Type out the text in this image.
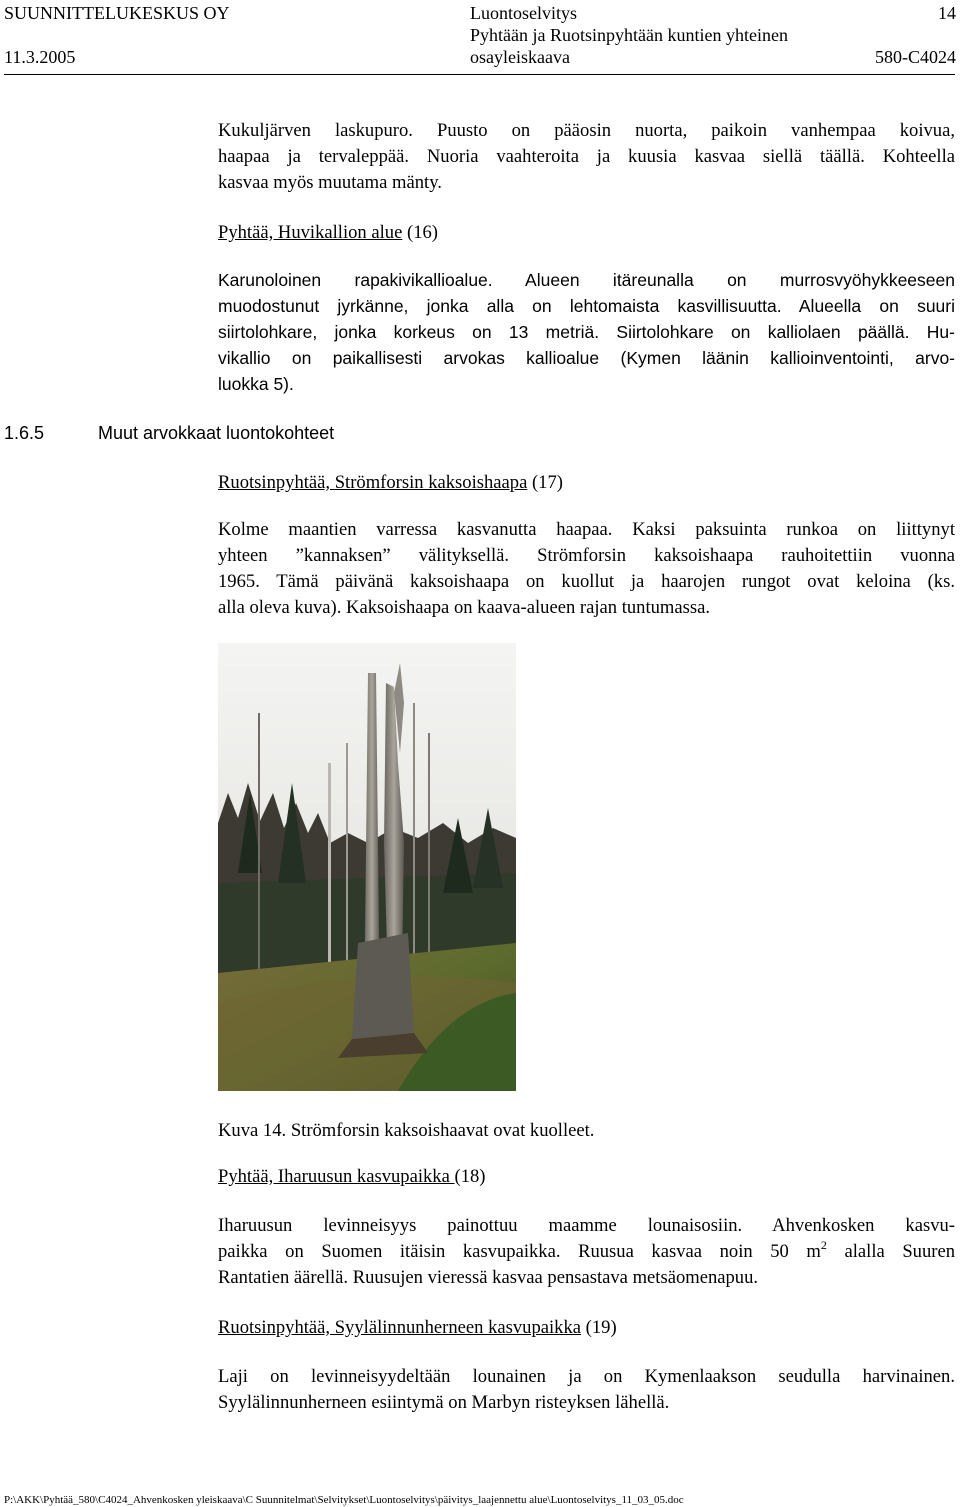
SUUNNITTELUKESKUS OY
11.3.2005
Luontoselvitys
Pyhtään ja Ruotsinpyhtään kuntien yhteinen
osayleiskaava
14
580-C4024
Kukuljärven laskupuro. Puusto on pääosin nuorta, paikoin vanhempaa koivua,
haapaa ja tervaleppää. Nuoria vaahteroita ja kuusia kasvaa siellä täällä. Kohteella
kasvaa myös muutama mänty.
Pyhtää, Huvikallion alue (16)
Karunoloinen rapakivikallioalue. Alueen itäreunalla on murrosvyöhykkeeseen
muodostunut jyrkänne, jonka alla on lehtomaista kasvillisuutta. Alueella on suuri
siirtolohkare, jonka korkeus on 13 metriä. Siirtolohkare on kalliolaen päällä. Hu-
vikallio on paikallisesti arvokas kallioalue (Kymen läänin kallioinventointi, arvo-
luokka 5).
1.6.5	Muut arvokkaat luontokohteet
Ruotsinpyhtää, Strömforsin kaksoishaapa (17)
Kolme maantien varressa kasvanutta haapaa. Kaksi paksuinta runkoa on liittynyt
yhteen ”kannaksen” välityksellä. Strömforsin kaksoishaapa rauhoitettiin vuonna
1965. Tämä päivänä kaksoishaapa on kuollut ja haarojen rungot ovat keloina (ks.
alla oleva kuva). Kaksoishaapa on kaava-alueen rajan tuntumassa.
Kuva 14. Strömforsin kaksoishaavat ovat kuolleet.
Pyhtää, Iharuusun kasvupaikka (18)
Iharuusun levinneisyys painottuu maamme lounaisosiin. Ahvenkosken kasvu-
paikka on Suomen itäisin kasvupaikka. Ruusua kasvaa noin 50 $m^2$ alalla Suuren
Rantatien äärellä. Ruusujen vieressä kasvaa pensastava metsäomenapuu.
Ruotsinpyhtää, Syylälinnunherneen kasvupaikka (19)
Laji on levinneisyydeltään lounainen ja on Kymenlaakson seudulla harvinainen.
Syylälinnunherneen esiintymä on Marbyn risteyksen lähellä.
P:\AKK\Pyhtää_580\C4024_Ahvenkosken yleiskaava\C Suunnitelmat\Selvitykset\Luontoselvitys\päivitys_laajennettu alue\Luontoselvitys_11_03_05.doc
